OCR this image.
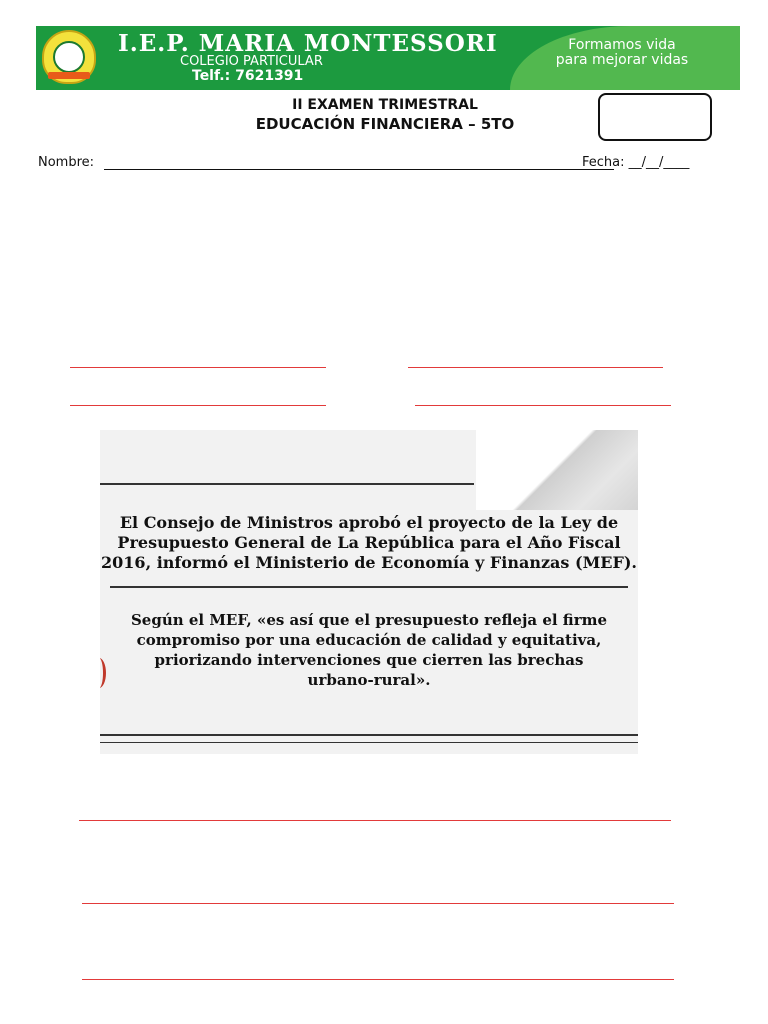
I.E.P. MARIA MONTESSORI
COLEGIO PARTICULAR
Telf.: 7621391
Formamos vida
para mejorar vidas
II EXAMEN TRIMESTRAL
EDUCACIÓN FINANCIERA – 5TO
Nombre:	Fecha: __/__/____
El Consejo de Ministros aprobó el proyecto de la Ley de Presupuesto General de La República para el Año Fiscal 2016, informó el Ministerio de Economía y Finanzas (MEF).
Según el MEF, «es así que el presupuesto refleja el firme compromiso por una educación de calidad y equitativa, priorizando intervenciones que cierren las brechas urbano-rural».
